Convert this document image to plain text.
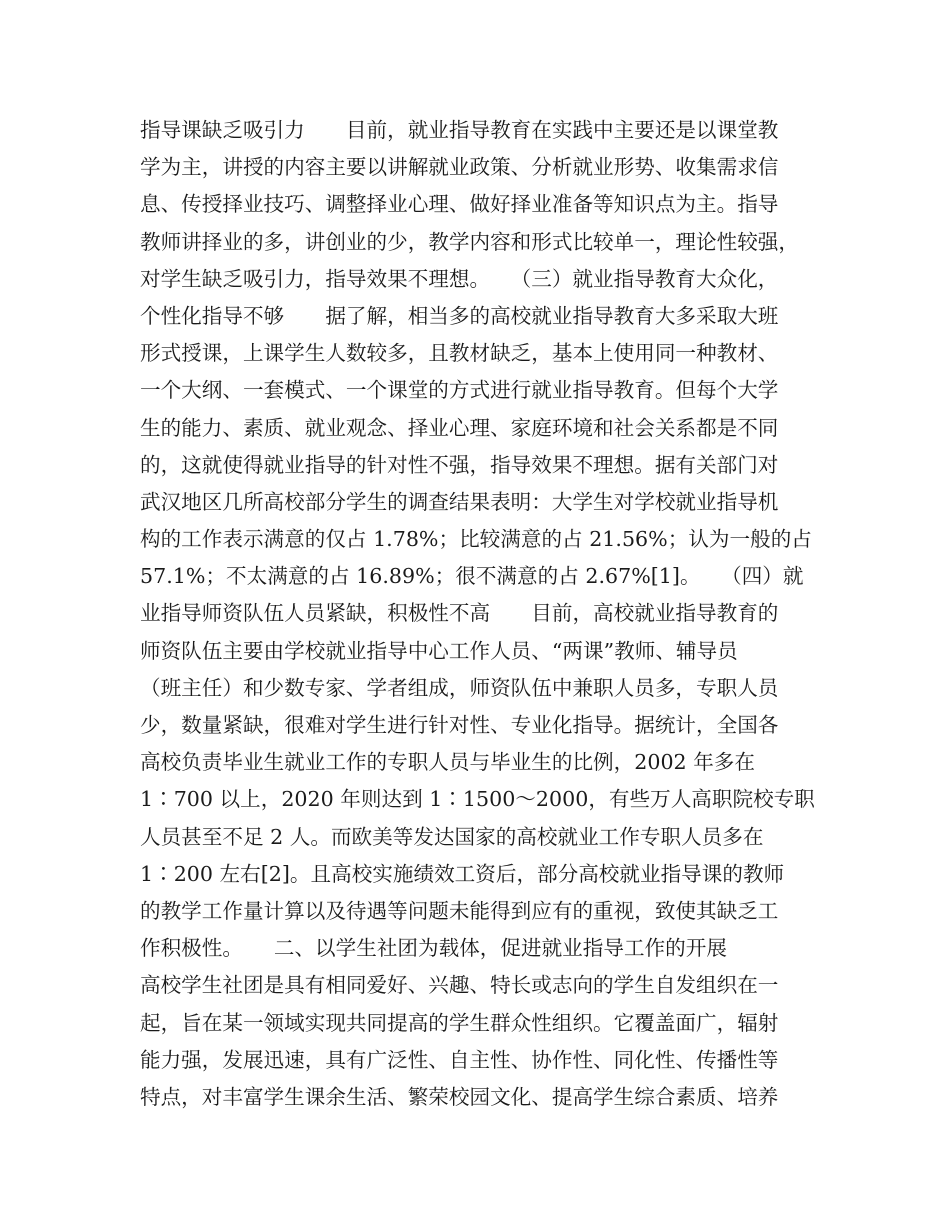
指导课缺乏吸引力　　目前，就业指导教育在实践中主要还是以课堂教
学为主，讲授的内容主要以讲解就业政策、分析就业形势、收集需求信
息、传授择业技巧、调整择业心理、做好择业准备等知识点为主。指导
教师讲择业的多，讲创业的少，教学内容和形式比较单一，理论性较强，
对学生缺乏吸引力，指导效果不理想。　　（三）就业指导教育大众化，
个性化指导不够　　据了解，相当多的高校就业指导教育大多采取大班
形式授课，上课学生人数较多，且教材缺乏，基本上使用同一种教材、
一个大纲、一套模式、一个课堂的方式进行就业指导教育。但每个大学
生的能力、素质、就业观念、择业心理、家庭环境和社会关系都是不同
的，这就使得就业指导的针对性不强，指导效果不理想。据有关部门对
武汉地区几所高校部分学生的调查结果表明：大学生对学校就业指导机
构的工作表示满意的仅占 1.78%；比较满意的占 21.56%；认为一般的占
57.1%；不太满意的占 16.89%；很不满意的占 2.67%[1]。　　（四）就
业指导师资队伍人员紧缺，积极性不高　　目前，高校就业指导教育的
师资队伍主要由学校就业指导中心工作人员、“两课”教师、辅导员
（班主任）和少数专家、学者组成，师资队伍中兼职人员多，专职人员
少，数量紧缺，很难对学生进行针对性、专业化指导。据统计，全国各
高校负责毕业生就业工作的专职人员与毕业生的比例，2002 年多在
1∶700 以上，2020 年则达到 1∶1500～2000，有些万人高职院校专职
人员甚至不足 2 人。而欧美等发达国家的高校就业工作专职人员多在
1∶200 左右[2]。且高校实施绩效工资后，部分高校就业指导课的教师
的教学工作量计算以及待遇等问题未能得到应有的重视，致使其缺乏工
作积极性。　　二、以学生社团为载体，促进就业指导工作的开展
高校学生社团是具有相同爱好、兴趣、特长或志向的学生自发组织在一
起，旨在某一领域实现共同提高的学生群众性组织。它覆盖面广，辐射
能力强，发展迅速，具有广泛性、自主性、协作性、同化性、传播性等
特点，对丰富学生课余生活、繁荣校园文化、提高学生综合素质、培养
